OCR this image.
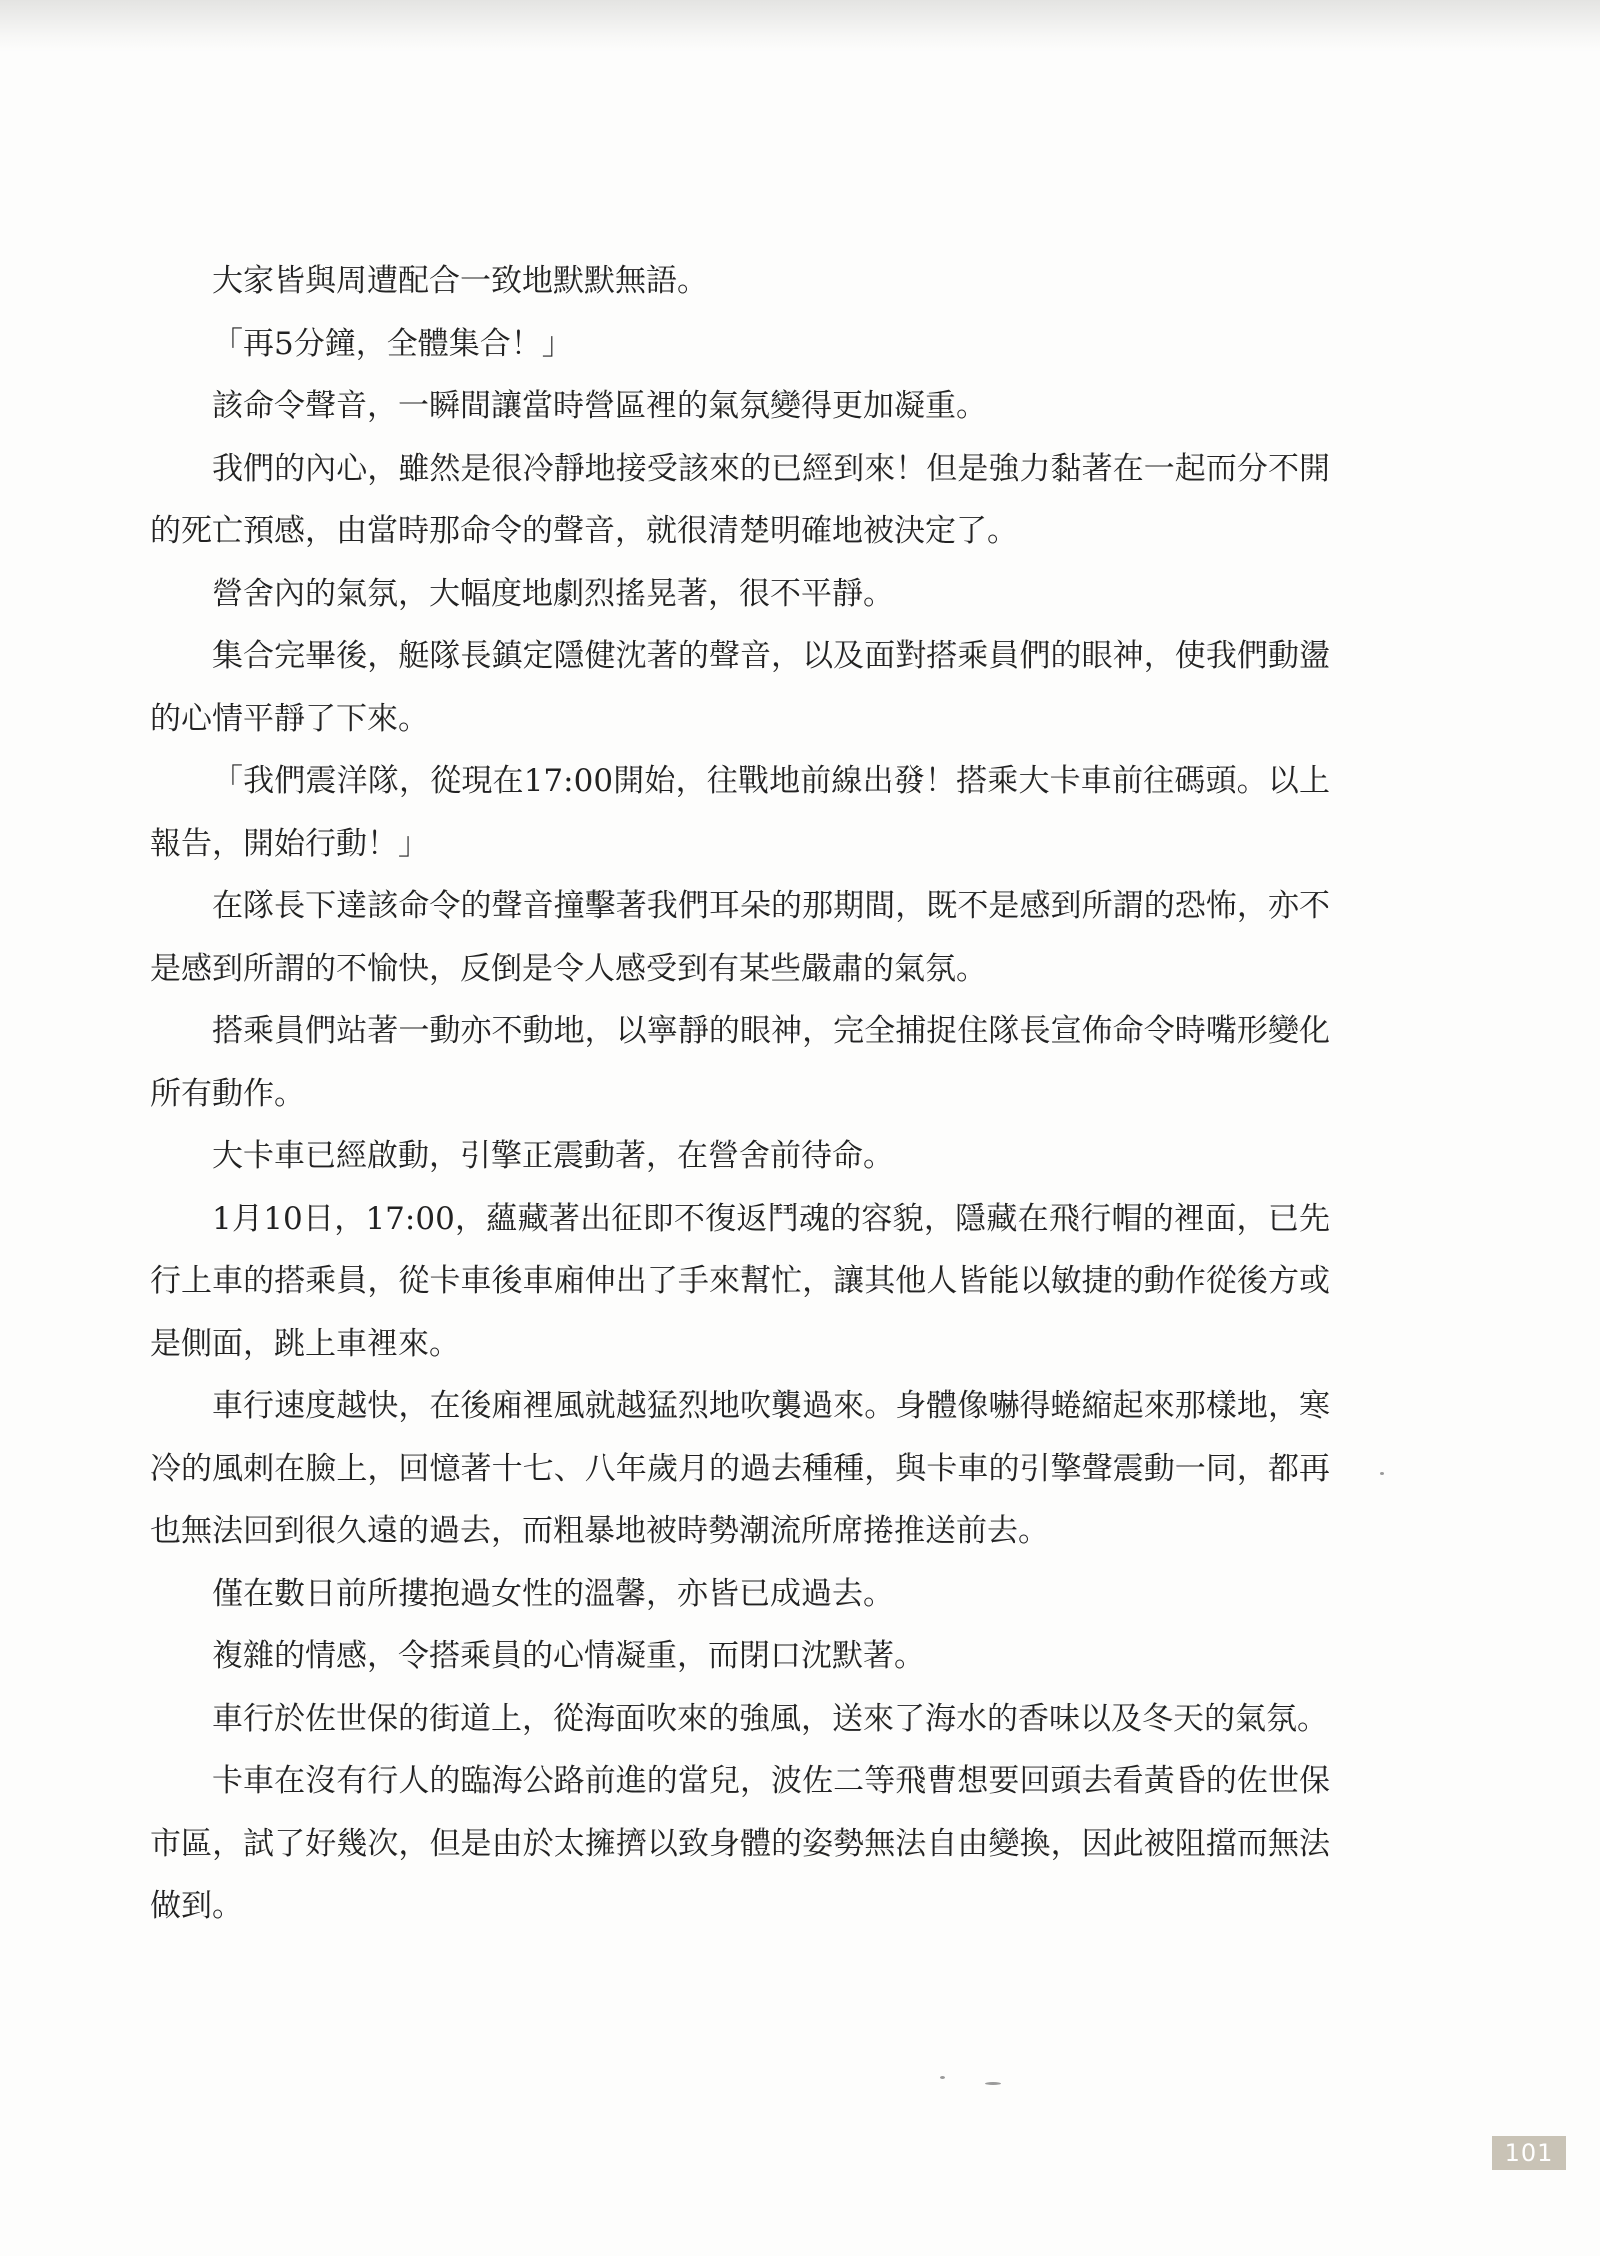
大家皆與周遭配合一致地默默無語。

「再5分鐘，全體集合！」

該命令聲音，一瞬間讓當時營區裡的氣氛變得更加凝重。

我們的內心，雖然是很冷靜地接受該來的已經到來！但是強力黏著在一起而分不開的死亡預感，由當時那命令的聲音，就很清楚明確地被決定了。

營舍內的氣氛，大幅度地劇烈搖晃著，很不平靜。

集合完畢後，艇隊長鎮定隱健沈著的聲音，以及面對搭乘員們的眼神，使我們動盪的心情平靜了下來。

「我們震洋隊，從現在17:00開始，往戰地前線出發！搭乘大卡車前往碼頭。以上報告，開始行動！」

在隊長下達該命令的聲音撞擊著我們耳朵的那期間，既不是感到所謂的恐怖，亦不是感到所謂的不愉快，反倒是令人感受到有某些嚴肅的氣氛。

搭乘員們站著一動亦不動地，以寧靜的眼神，完全捕捉住隊長宣佈命令時嘴形變化所有動作。

大卡車已經啟動，引擎正震動著，在營舍前待命。

1月10日，17:00，蘊藏著出征即不復返鬥魂的容貌，隱藏在飛行帽的裡面，已先行上車的搭乘員，從卡車後車廂伸出了手來幫忙，讓其他人皆能以敏捷的動作從後方或是側面，跳上車裡來。

車行速度越快，在後廂裡風就越猛烈地吹襲過來。身體像嚇得蜷縮起來那樣地，寒冷的風刺在臉上，回憶著十七、八年歲月的過去種種，與卡車的引擎聲震動一同，都再也無法回到很久遠的過去，而粗暴地被時勢潮流所席捲推送前去。

僅在數日前所摟抱過女性的溫馨，亦皆已成過去。

複雜的情感，令搭乘員的心情凝重，而閉口沈默著。

車行於佐世保的街道上，從海面吹來的強風，送來了海水的香味以及冬天的氣氛。

卡車在沒有行人的臨海公路前進的當兒，波佐二等飛曹想要回頭去看黃昏的佐世保市區，試了好幾次，但是由於太擁擠以致身體的姿勢無法自由變換，因此被阻擋而無法做到。

101
